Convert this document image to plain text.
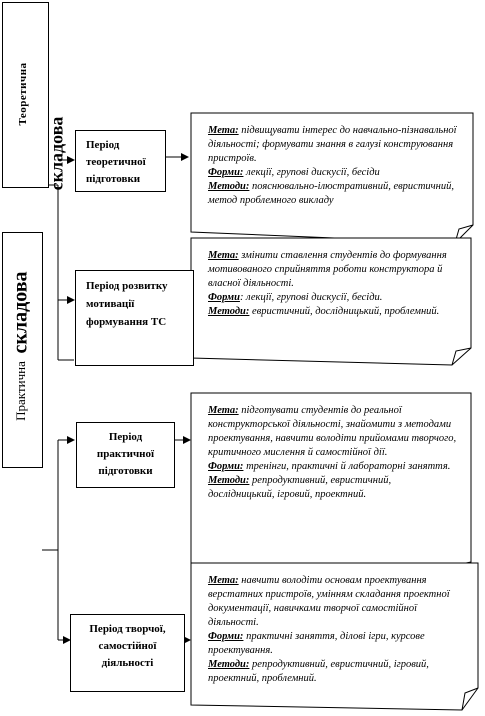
Теоретична
складова
Практична
складова
Період теоретичної підготовки
Період розвитку мотивації формування ТС
Період практичної підготовки
Період творчої, самостійної діяльності
Мета: підвищувати інтерес до навчально-пізнавальної діяльності; формувати знання в галузі конструювання пристроїв.
Форми: лекції, групові дискусії, бесіди
Методи: пояснювально-ілюстративний, евристичний, метод проблемного викладу
Мета: змінити ставлення студентів до формування мотивованого сприйняття роботи конструктора й власної діяльності.
Форми: лекції, групові дискусії, бесіди.
Методи: евристичний, дослідницький, проблемний.
Мета: підготувати студентів до реальної конструкторської діяльності, знайомити з методами проектування, навчити володіти прийомами творчого, критичного мислення й самостійної дії.
Форми: тренінги, практичні й лабораторні заняття.
Методи: репродуктивний, евристичний, дослідницький, ігровий, проектний.
Мета: навчити володіти основам проектування верстатних пристроїв, умінням складання проектної документації, навичками творчої самостійної діяльності.
Форми: практичні заняття, ділові ігри, курсове проектування.
Методи: репродуктивний, евристичний, ігровий, проектний, проблемний.
